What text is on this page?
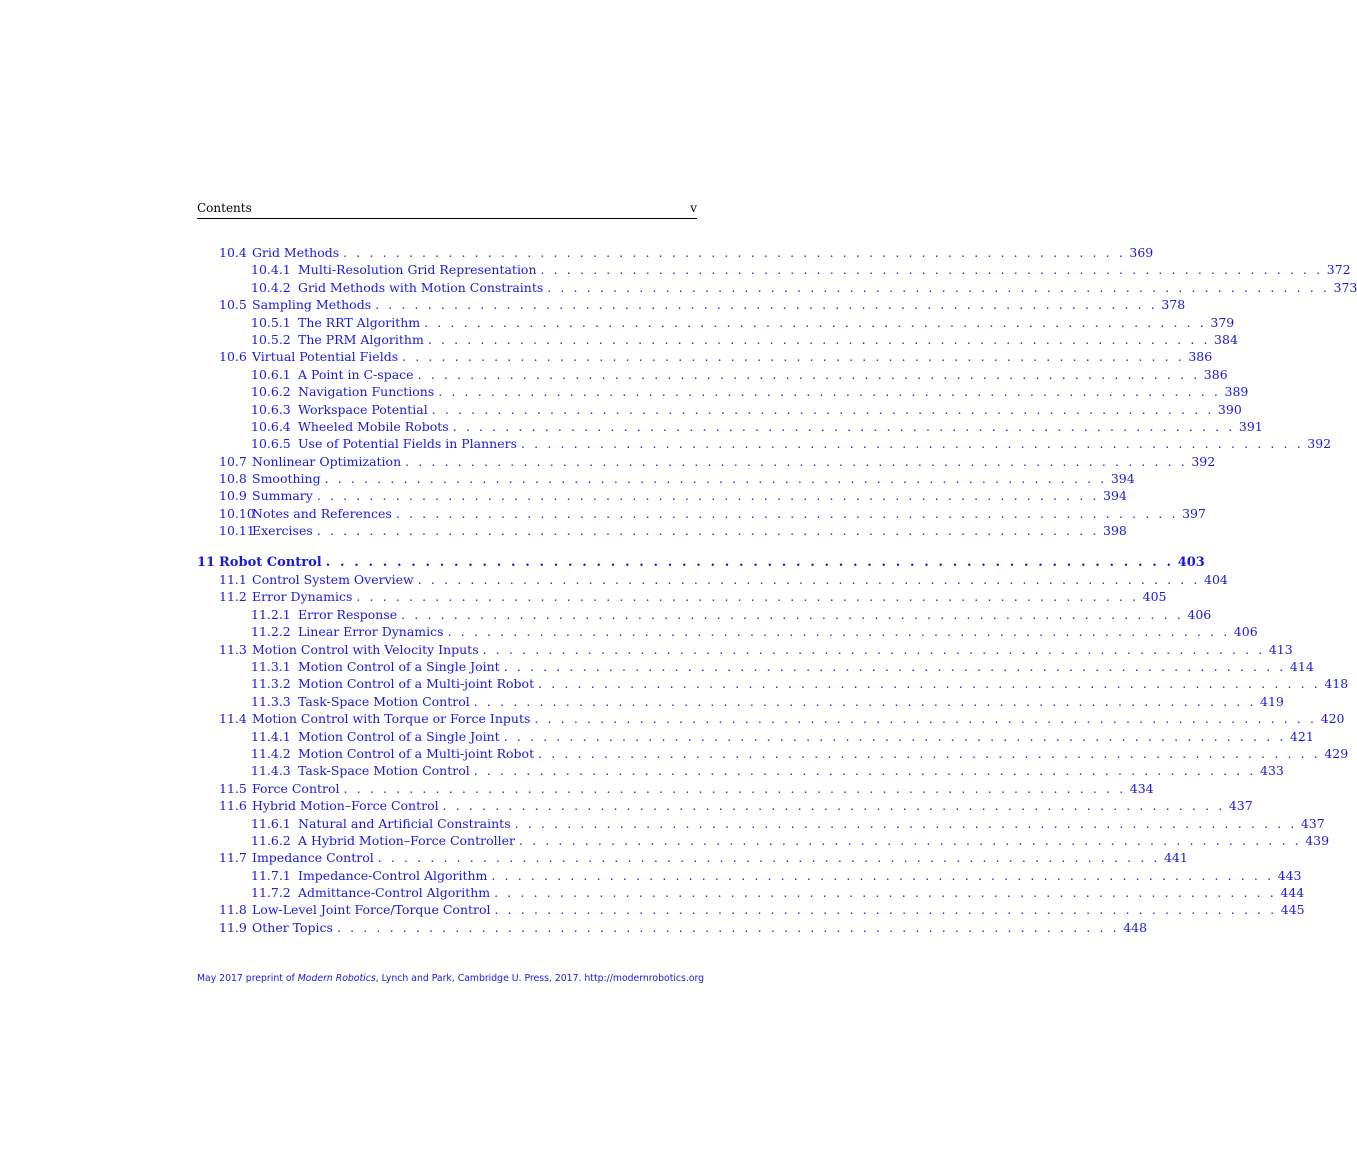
Contents	v
10.4 Grid Methods . . . . . . . . . . . . . . . . . . . . . . . . . . . . . . . . . . . . . . . . . . . . . . . . . . . . . . . . . . . . 369
10.4.1 Multi-Resolution Grid Representation . . . . . . . . . . . . . . . . . . . . . . . . . . . . . . . . . . . . . . . . . . . . . . . . . . . . . . . . . . . . 372
10.4.2 Grid Methods with Motion Constraints . . . . . . . . . . . . . . . . . . . . . . . . . . . . . . . . . . . . . . . . . . . . . . . . . . . . . . . . . . . . 373
10.5 Sampling Methods . . . . . . . . . . . . . . . . . . . . . . . . . . . . . . . . . . . . . . . . . . . . . . . . . . . . . . . . . . . . 378
10.5.1 The RRT Algorithm . . . . . . . . . . . . . . . . . . . . . . . . . . . . . . . . . . . . . . . . . . . . . . . . . . . . . . . . . . . . 379
10.5.2 The PRM Algorithm . . . . . . . . . . . . . . . . . . . . . . . . . . . . . . . . . . . . . . . . . . . . . . . . . . . . . . . . . . . . 384
10.6 Virtual Potential Fields . . . . . . . . . . . . . . . . . . . . . . . . . . . . . . . . . . . . . . . . . . . . . . . . . . . . . . . . . . . . 386
10.6.1 A Point in C-space . . . . . . . . . . . . . . . . . . . . . . . . . . . . . . . . . . . . . . . . . . . . . . . . . . . . . . . . . . . . 386
10.6.2 Navigation Functions . . . . . . . . . . . . . . . . . . . . . . . . . . . . . . . . . . . . . . . . . . . . . . . . . . . . . . . . . . . . 389
10.6.3 Workspace Potential . . . . . . . . . . . . . . . . . . . . . . . . . . . . . . . . . . . . . . . . . . . . . . . . . . . . . . . . . . . . 390
10.6.4 Wheeled Mobile Robots . . . . . . . . . . . . . . . . . . . . . . . . . . . . . . . . . . . . . . . . . . . . . . . . . . . . . . . . . . . . 391
10.6.5 Use of Potential Fields in Planners . . . . . . . . . . . . . . . . . . . . . . . . . . . . . . . . . . . . . . . . . . . . . . . . . . . . . . . . . . . . 392
10.7 Nonlinear Optimization . . . . . . . . . . . . . . . . . . . . . . . . . . . . . . . . . . . . . . . . . . . . . . . . . . . . . . . . . . . . 392
10.8 Smoothing . . . . . . . . . . . . . . . . . . . . . . . . . . . . . . . . . . . . . . . . . . . . . . . . . . . . . . . . . . . . 394
10.9 Summary . . . . . . . . . . . . . . . . . . . . . . . . . . . . . . . . . . . . . . . . . . . . . . . . . . . . . . . . . . . . 394
10.10
Notes and References . . . . . . . . . . . . . . . . . . . . . . . . . . . . . . . . . . . . . . . . . . . . . . . . . . . . . . . . . . . . 397
10.11
Exercises . . . . . . . . . . . . . . . . . . . . . . . . . . . . . . . . . . . . . . . . . . . . . . . . . . . . . . . . . . . . 398
11 Robot Control . . . . . . . . . . . . . . . . . . . . . . . . . . . . . . . . . . . . . . . . . . . . . . . . . . . . . . . . . . . . 403
11.1 Control System Overview . . . . . . . . . . . . . . . . . . . . . . . . . . . . . . . . . . . . . . . . . . . . . . . . . . . . . . . . . . . . 404
11.2 Error Dynamics . . . . . . . . . . . . . . . . . . . . . . . . . . . . . . . . . . . . . . . . . . . . . . . . . . . . . . . . . . . . 405
11.2.1 Error Response . . . . . . . . . . . . . . . . . . . . . . . . . . . . . . . . . . . . . . . . . . . . . . . . . . . . . . . . . . . . 406
11.2.2 Linear Error Dynamics . . . . . . . . . . . . . . . . . . . . . . . . . . . . . . . . . . . . . . . . . . . . . . . . . . . . . . . . . . . . 406
11.3 Motion Control with Velocity Inputs . . . . . . . . . . . . . . . . . . . . . . . . . . . . . . . . . . . . . . . . . . . . . . . . . . . . . . . . . . . . 413
11.3.1 Motion Control of a Single Joint . . . . . . . . . . . . . . . . . . . . . . . . . . . . . . . . . . . . . . . . . . . . . . . . . . . . . . . . . . . . 414
11.3.2 Motion Control of a Multi-joint Robot . . . . . . . . . . . . . . . . . . . . . . . . . . . . . . . . . . . . . . . . . . . . . . . . . . . . . . . . . . . . 418
11.3.3 Task-Space Motion Control . . . . . . . . . . . . . . . . . . . . . . . . . . . . . . . . . . . . . . . . . . . . . . . . . . . . . . . . . . . . 419
11.4 Motion Control with Torque or Force Inputs . . . . . . . . . . . . . . . . . . . . . . . . . . . . . . . . . . . . . . . . . . . . . . . . . . . . . . . . . . . . 420
11.4.1 Motion Control of a Single Joint . . . . . . . . . . . . . . . . . . . . . . . . . . . . . . . . . . . . . . . . . . . . . . . . . . . . . . . . . . . . 421
11.4.2 Motion Control of a Multi-joint Robot . . . . . . . . . . . . . . . . . . . . . . . . . . . . . . . . . . . . . . . . . . . . . . . . . . . . . . . . . . . . 429
11.4.3 Task-Space Motion Control . . . . . . . . . . . . . . . . . . . . . . . . . . . . . . . . . . . . . . . . . . . . . . . . . . . . . . . . . . . . 433
11.5 Force Control . . . . . . . . . . . . . . . . . . . . . . . . . . . . . . . . . . . . . . . . . . . . . . . . . . . . . . . . . . . . 434
11.6 Hybrid Motion–Force Control . . . . . . . . . . . . . . . . . . . . . . . . . . . . . . . . . . . . . . . . . . . . . . . . . . . . . . . . . . . . 437
11.6.1 Natural and Artificial Constraints . . . . . . . . . . . . . . . . . . . . . . . . . . . . . . . . . . . . . . . . . . . . . . . . . . . . . . . . . . . . 437
11.6.2 A Hybrid Motion–Force Controller . . . . . . . . . . . . . . . . . . . . . . . . . . . . . . . . . . . . . . . . . . . . . . . . . . . . . . . . . . . . 439
11.7 Impedance Control . . . . . . . . . . . . . . . . . . . . . . . . . . . . . . . . . . . . . . . . . . . . . . . . . . . . . . . . . . . . 441
11.7.1 Impedance-Control Algorithm . . . . . . . . . . . . . . . . . . . . . . . . . . . . . . . . . . . . . . . . . . . . . . . . . . . . . . . . . . . . 443
11.7.2 Admittance-Control Algorithm . . . . . . . . . . . . . . . . . . . . . . . . . . . . . . . . . . . . . . . . . . . . . . . . . . . . . . . . . . . . 444
11.8 Low-Level Joint Force/Torque Control . . . . . . . . . . . . . . . . . . . . . . . . . . . . . . . . . . . . . . . . . . . . . . . . . . . . . . . . . . . . 445
11.9 Other Topics . . . . . . . . . . . . . . . . . . . . . . . . . . . . . . . . . . . . . . . . . . . . . . . . . . . . . . . . . . . . 448
May 2017 preprint of Modern Robotics, Lynch and Park, Cambridge U. Press, 2017. http://modernrobotics.org
